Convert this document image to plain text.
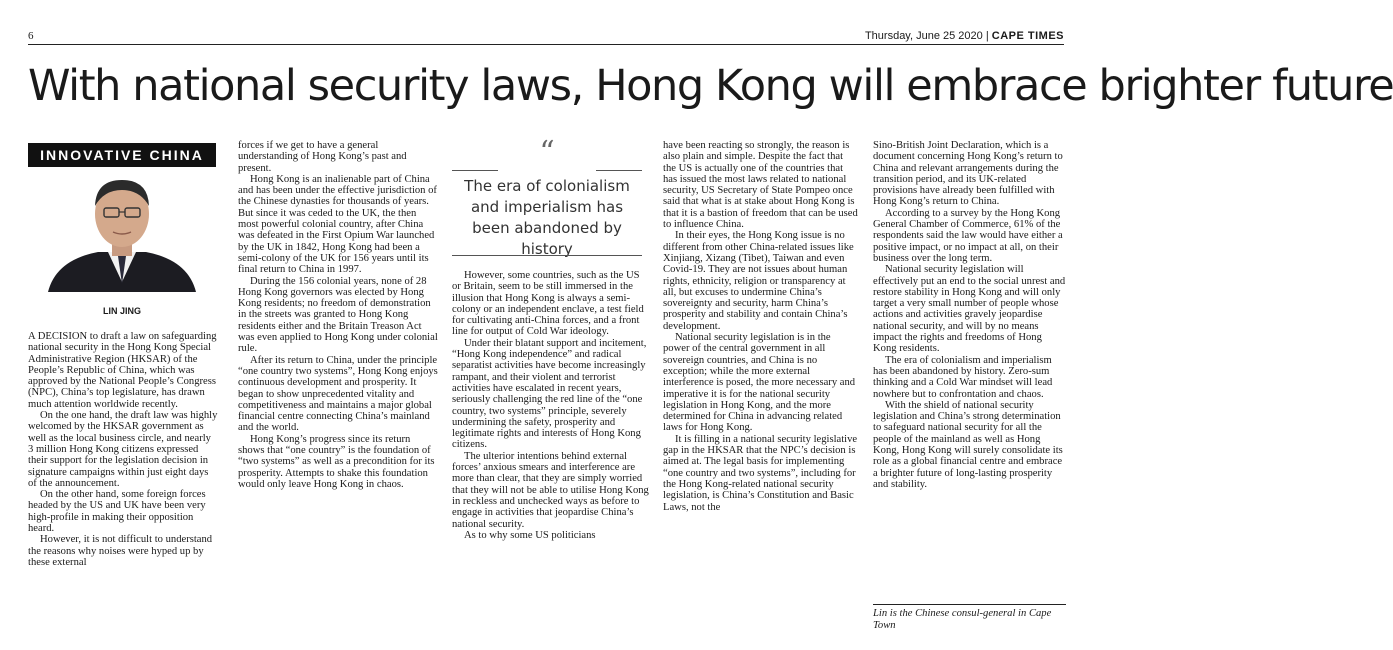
6	Thursday, June 25 2020 | CAPE TIMES
With national security laws, Hong Kong will embrace brighter future
INNOVATIVE CHINA
LIN JING

A DECISION to draft a law on safeguarding national security in the Hong Kong Special Administrative Region (HKSAR) of the People’s Republic of China, which was approved by the National People’s Congress (NPC), China’s top legislature, has drawn much attention worldwide recently.

On the one hand, the draft law was highly welcomed by the HKSAR government as well as the local business circle, and nearly 3 million Hong Kong citizens expressed their support for the legislation decision in signature campaigns within just eight days of the announcement.

On the other hand, some foreign forces headed by the US and UK have been very high-profile in making their opposition heard.

However, it is not difficult to understand the reasons why noises were hyped up by these external

forces if we get to have a general understanding of Hong Kong’s past and present.

Hong Kong is an inalienable part of China and has been under the effective jurisdiction of the Chinese dynasties for thousands of years. But since it was ceded to the UK, the then most powerful colonial country, after China was defeated in the First Opium War launched by the UK in 1842, Hong Kong had been a semi-colony of the UK for 156 years until its final return to China in 1997.

During the 156 colonial years, none of 28 Hong Kong governors was elected by Hong Kong residents; no freedom of demonstration in the streets was granted to Hong Kong residents either and the Britain Treason Act was even applied to Hong Kong under colonial rule.

After its return to China, under the principle “one country two systems”, Hong Kong enjoys continuous development and prosperity. It began to show unprecedented vitality and competitiveness and maintains a major global financial centre connecting China’s mainland and the world.

Hong Kong’s progress since its return shows that “one country” is the foundation of “two systems” as well as a precondition for its prosperity. Attempts to shake this foundation would only leave Hong Kong in chaos.

“
The era of colonialism and imperialism has been abandoned by history

However, some countries, such as the US or Britain, seem to be still immersed in the illusion that Hong Kong is always a semi-colony or an independent enclave, a test field for cultivating anti-China forces, and a front line for output of Cold War ideology.

Under their blatant support and incitement, “Hong Kong independence” and radical separatist activities have become increasingly rampant, and their violent and terrorist activities have escalated in recent years, seriously challenging the red line of the “one country, two systems” principle, severely undermining the safety, prosperity and legitimate rights and interests of Hong Kong citizens.

The ulterior intentions behind external forces’ anxious smears and interference are more than clear, that they are simply worried that they will not be able to utilise Hong Kong in reckless and unchecked ways as before to engage in activities that jeopardise China’s national security.

As to why some US politicians

have been reacting so strongly, the reason is also plain and simple. Despite the fact that the US is actually one of the countries that has issued the most laws related to national security, US Secretary of State Pompeo once said that what is at stake about Hong Kong is that it is a bastion of freedom that can be used to influence China.

In their eyes, the Hong Kong issue is no different from other China-related issues like Xinjiang, Xizang (Tibet), Taiwan and even Covid-19. They are not issues about human rights, ethnicity, religion or transparency at all, but excuses to undermine China’s sovereignty and security, harm China’s prosperity and stability and contain China’s development.

National security legislation is in the power of the central government in all sovereign countries, and China is no exception; while the more external interference is posed, the more necessary and imperative it is for the national security legislation in Hong Kong, and the more determined for China in advancing related laws for Hong Kong.

It is filling in a national security legislative gap in the HKSAR that the NPC’s decision is aimed at. The legal basis for implementing “one country and two systems”, including for the Hong Kong-related national security legislation, is China’s Constitution and Basic Laws, not the

Sino-British Joint Declaration, which is a document concerning Hong Kong’s return to China and relevant arrangements during the transition period, and its UK-related provisions have already been fulfilled with Hong Kong’s return to China.

According to a survey by the Hong Kong General Chamber of Commerce, 61% of the respondents said the law would have either a positive impact, or no impact at all, on their business over the long term.

National security legislation will effectively put an end to the social unrest and restore stability in Hong Kong and will only target a very small number of people whose actions and activities gravely jeopardise national security, and will by no means impact the rights and freedoms of Hong Kong residents.

The era of colonialism and imperialism has been abandoned by history. Zero-sum thinking and a Cold War mindset will lead nowhere but to confrontation and chaos.

With the shield of national security legislation and China’s strong determination to safeguard national security for all the people of the mainland as well as Hong Kong, Hong Kong will surely consolidate its role as a global financial centre and embrace a brighter future of long-lasting prosperity and stability.

Lin is the Chinese consul-general in Cape Town
